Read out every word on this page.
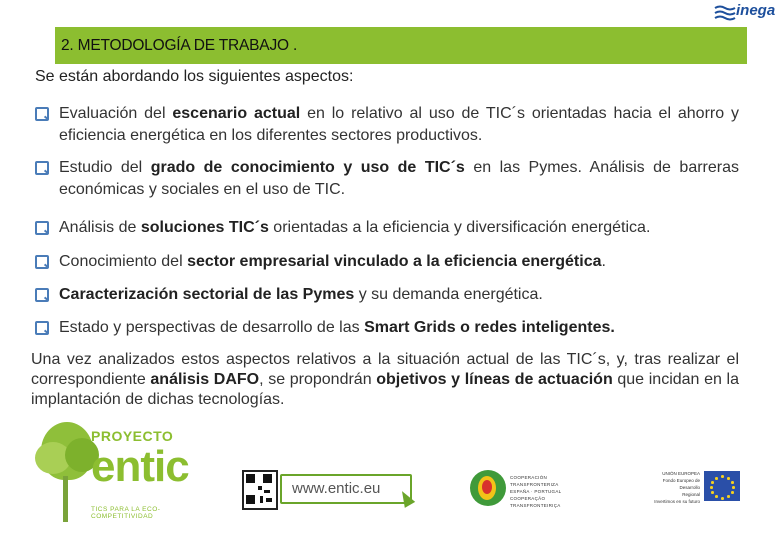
2. METODOLOGÍA DE TRABAJO .
inega
Se están abordando los siguientes aspectos:
Evaluación del escenario actual en lo relativo al uso de TIC´s orientadas hacia el ahorro y eficiencia energética en los diferentes sectores productivos.
Estudio del grado de conocimiento y uso de TIC´s en las Pymes. Análisis de barreras económicas y sociales en el uso de TIC.
Análisis de soluciones TIC´s orientadas a la eficiencia y diversificación energética.
Conocimiento del sector empresarial vinculado a la eficiencia energética.
Caracterización sectorial de las Pymes y su demanda energética.
Estado y perspectivas de desarrollo de las Smart Grids o redes inteligentes.
Una vez analizados estos aspectos relativos a la situación actual de las TIC´s, y, tras realizar el correspondiente análisis DAFO, se propondrán objetivos y líneas de actuación que incidan en la implantación de dichas tecnologías.
PROYECTO
entic
TICS PARA LA ECO-COMPETITIVIDAD
www.entic.eu
COOPERACIÓN TRANSFRONTERIZA
ESPAÑA · PORTUGAL
COOPERAÇÃO TRANSFRONTEIRIÇA
UNIÓN EUROPEA
Fondo Europeo de Desarrollo
Regional
Invertimos en su futuro
